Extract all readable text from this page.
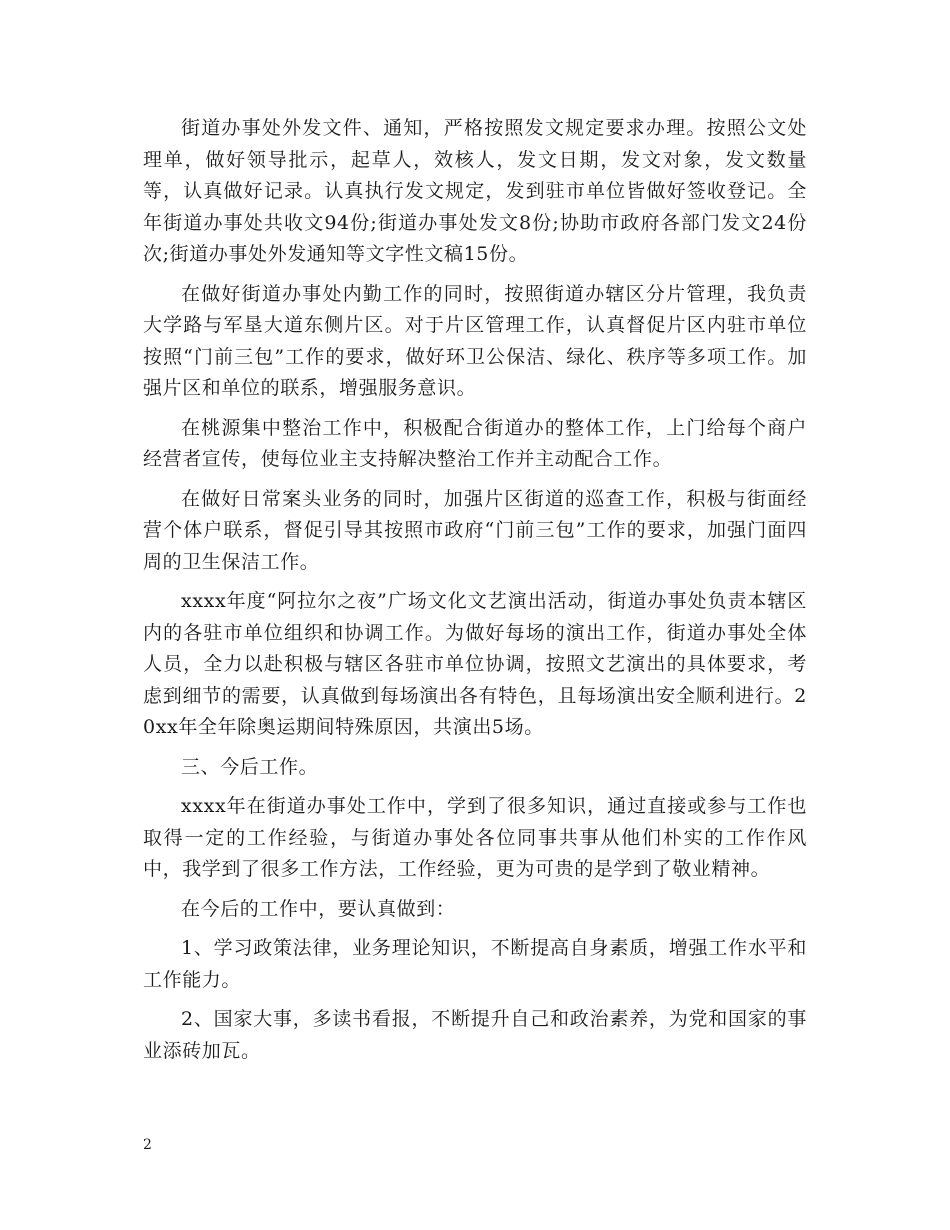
街道办事处外发文件、通知，严格按照发文规定要求办理。按照公文处理单，做好领导批示，起草人，效核人，发文日期，发文对象，发文数量等，认真做好记录。认真执行发文规定，发到驻市单位皆做好签收登记。全年街道办事处共收文94份;街道办事处发文8份;协助市政府各部门发文24份次;街道办事处外发通知等文字性文稿15份。

在做好街道办事处内勤工作的同时，按照街道办辖区分片管理，我负责大学路与军垦大道东侧片区。对于片区管理工作，认真督促片区内驻市单位按照“门前三包”工作的要求，做好环卫公保洁、绿化、秩序等多项工作。加强片区和单位的联系，增强服务意识。

在桃源集中整治工作中，积极配合街道办的整体工作，上门给每个商户经营者宣传，使每位业主支持解决整治工作并主动配合工作。

在做好日常案头业务的同时，加强片区街道的巡查工作，积极与街面经营个体户联系，督促引导其按照市政府“门前三包”工作的要求，加强门面四周的卫生保洁工作。

xxxx年度“阿拉尔之夜”广场文化文艺演出活动，街道办事处负责本辖区内的各驻市单位组织和协调工作。为做好每场的演出工作，街道办事处全体人员，全力以赴积极与辖区各驻市单位协调，按照文艺演出的具体要求，考虑到细节的需要，认真做到每场演出各有特色，且每场演出安全顺利进行。20xx年全年除奥运期间特殊原因，共演出5场。

三、今后工作。

xxxx年在街道办事处工作中，学到了很多知识，通过直接或参与工作也取得一定的工作经验，与街道办事处各位同事共事从他们朴实的工作作风中，我学到了很多工作方法，工作经验，更为可贵的是学到了敬业精神。

在今后的工作中，要认真做到：

1、学习政策法律，业务理论知识，不断提高自身素质，增强工作水平和工作能力。

2、国家大事，多读书看报，不断提升自己和政治素养，为党和国家的事业添砖加瓦。

2
